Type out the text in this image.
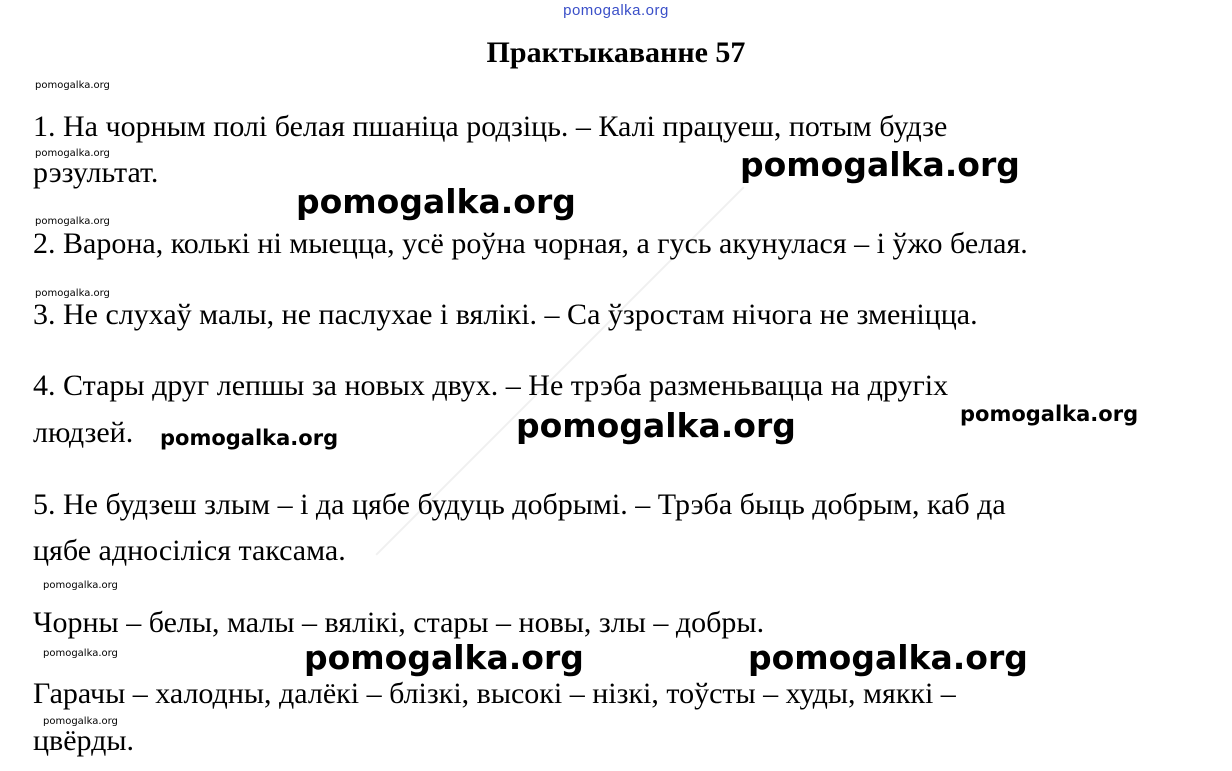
pomogalka.org
Практыкаванне 57
pomogalka.org
pomogalka.org
pomogalka.org
pomogalka.org
pomogalka.org
pomogalka.org
pomogalka.org
1. На чорным полі белая пшаніца родзіць. – Калі працуеш, потым будзе
рэзультат.
2. Варона, колькі ні мыецца, усё роўна чорная, а гусь акунулася – і ўжо белая.
3. Не слухаў малы, не паслухае і вялікі. – Са ўзростам нічога не зменіцца.
4. Стары друг лепшы за новых двух. – Не трэба разменьвацца на другіх
людзей.
5. Не будзеш злым – і да цябе будуць добрымі. – Трэба быць добрым, каб да
цябе адносіліся таксама.
Чорны – белы, малы – вялікі, стары – новы, злы – добры.
Гарачы – халодны, далёкі – блізкі, высокі – нізкі, тоўсты – худы, мяккі –
цвёрды.
pomogalka.org
pomogalka.org
pomogalka.org
pomogalka.org	pomogalka.org
pomogalka.org
pomogalka.org
